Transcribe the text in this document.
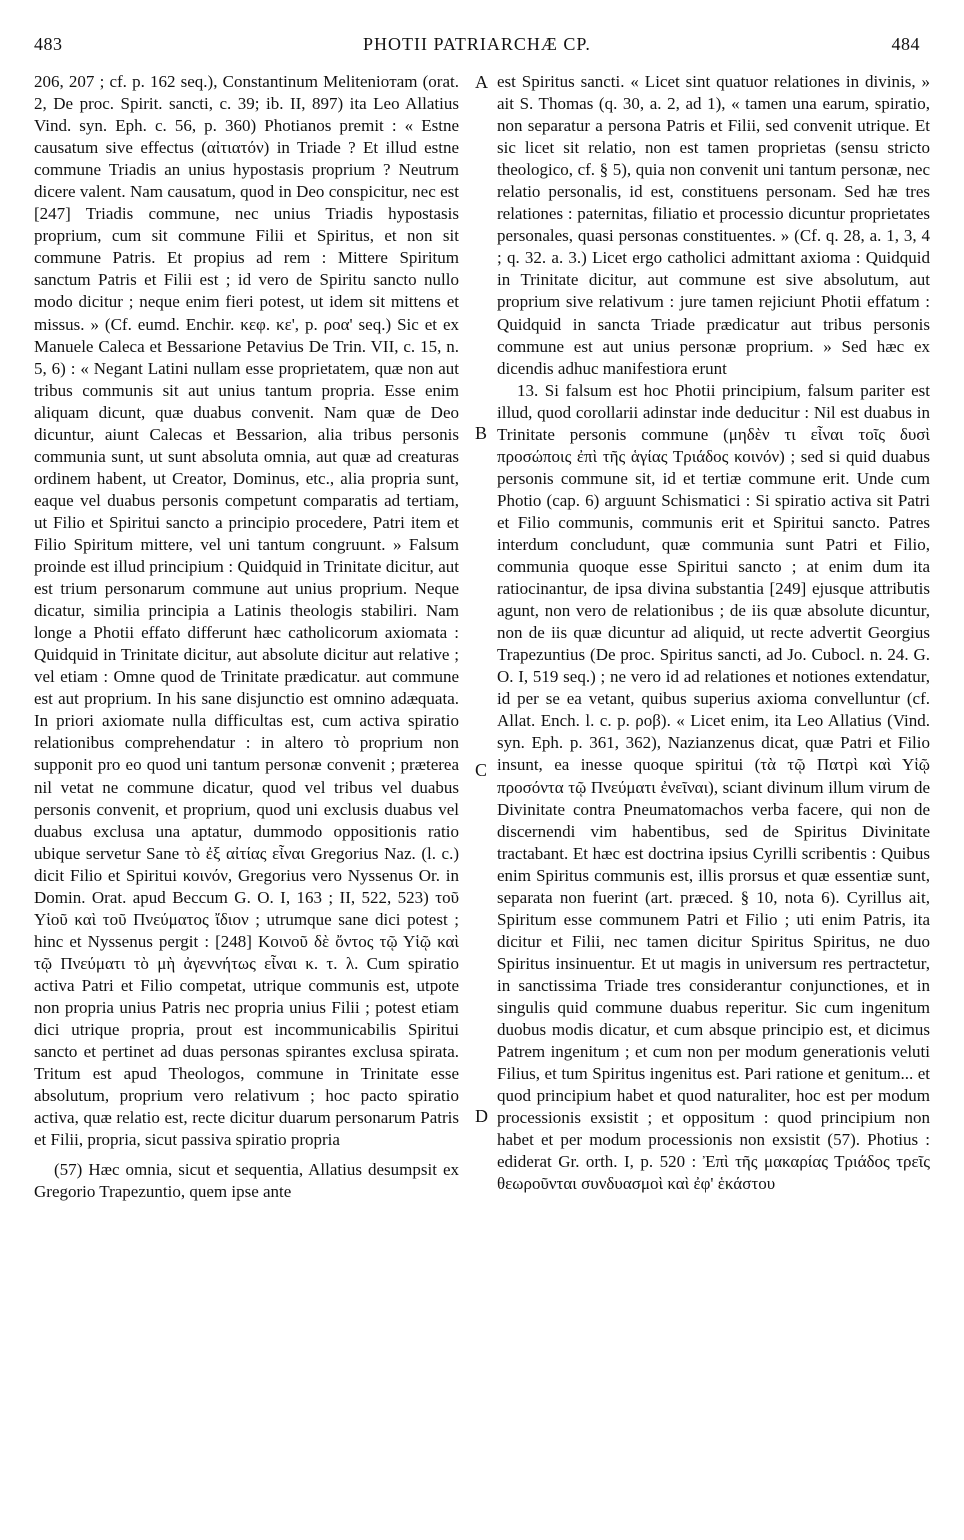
483	PHOTII PATRIARCHÆ CP.	484
A
B
C
D

206, 207 ; cf. p. 162 seq.), Constantinum Melitenioтam (orat. 2, De proc. Spirit. sancti, c. 39; ib. II, 897) ita Leo Allatius Vind. syn. Eph. c. 56, p. 360) Photianos premit : « Estne causatum sive effectus (αἰτιατόν) in Triade ? Et illud estne commune Triadis an unius hypostasis proprium ? Neutrum dicere valent. Nam causatum, quod in Deo conspicitur, nec est [247] Triadis commune, nec unius Triadis hypostasis proprium, cum sit commune Filii et Spiritus, et non sit commune Patris. Et propius ad rem : Mittere Spiritum sanctum Patris et Filii est ; id vero de Spiritu sancto nullo modo dicitur ; neque enim fieri potest, ut idem sit mittens et missus. » (Cf. eumd. Enchir. κεφ. κε', p. ροα' seq.) Sic et ex Manuele Caleca et Bessarione Petavius De Trin. VII, c. 15, n. 5, 6) : « Negant Latini nullam esse proprietatem, quæ non aut tribus communis sit aut unius tantum propria. Esse enim aliquam dicunt, quæ duabus convenit. Nam quæ de Deo dicuntur, aiunt Calecas et Bessarion, alia tribus personis communia sunt, ut sunt absoluta omnia, aut quæ ad creaturas ordinem habent, ut Creator, Dominus, etc., alia propria sunt, eaque vel duabus personis competunt comparatis ad tertiam, ut Filio et Spiritui sancto a principio procedere, Patri item et Filio Spiritum mittere, vel uni tantum congruunt. » Falsum proinde est illud principium : Quidquid in Trinitate dicitur, aut est trium personarum commune aut unius proprium. Neque dicatur, similia principia a Latinis theologis stabiliri. Nam longe a Photii effato differunt hæc catholicorum axiomata : Quidquid in Trinitate dicitur, aut absolute dicitur aut relative ; vel etiam : Omne quod de Trinitate prædicatur. aut commune est aut proprium. In his sane disjunctio est omnino adæquata. In priori axiomate nulla difficultas est, cum activa spiratio relationibus comprehendatur : in altero τὸ proprium non supponit pro eo quod uni tantum personæ convenit ; præterea nil vetat ne commune dicatur, quod vel tribus vel duabus personis convenit, et proprium, quod uni exclusis duabus vel duabus exclusa una aptatur, dummodo oppositionis ratio ubique servetur Sane τὸ ἐξ αἰτίας εἶναι Gregorius Naz. (l. c.) dicit Filio et Spiritui κοινόν, Gregorius vero Nyssenus Or. in Domin. Orat. apud Beccum G. O. I, 163 ; II, 522, 523) τοῦ Υἱοῦ καὶ τοῦ Πνεύματος ἴδιον ; utrumque sane dici potest ; hinc et Nyssenus pergit : [248] Κοινοῦ δὲ ὄντος τῷ Υἱῷ καὶ τῷ Πνεύματι τὸ μὴ ἀγεννήτως εἶναι κ. τ. λ. Cum spiratio activa Patri et Filio competat, utrique communis est, utpote non propria unius Patris nec propria unius Filii ; potest etiam dici utrique propria, prout est incommunicabilis Spiritui sancto et pertinet ad duas personas spirantes exclusa spirata. Tritum est apud Theologos, commune in Trinitate esse absolutum, proprium vero relativum ; hoc pacto spiratio activa, quæ relatio est, recte dicitur duarum personarum Patris et Filii, propria, sicut passiva spiratio propria

(57) Hæc omnia, sicut et sequentia, Allatius desumpsit ex Gregorio Trapezuntio, quem ipse ante

est Spiritus sancti. « Licet sint quatuor relationes in divinis, » ait S. Thomas (q. 30, a. 2, ad 1), « tamen una earum, spiratio, non separatur a persona Patris et Filii, sed convenit utrique. Et sic licet sit relatio, non est tamen proprietas (sensu stricto theologico, cf. § 5), quia non convenit uni tantum personæ, nec relatio personalis, id est, constituens personam. Sed hæ tres relationes : paternitas, filiatio et processio dicuntur proprietates personales, quasi personas constituentes. » (Cf. q. 28, a. 1, 3, 4 ; q. 32. a. 3.) Licet ergo catholici admittant axioma : Quidquid in Trinitate dicitur, aut commune est sive absolutum, aut proprium sive relativum : jure tamen rejiciunt Photii effatum : Quidquid in sancta Triade prædicatur aut tribus personis commune est aut unius personæ proprium. » Sed hæc ex dicendis adhuc manifestiora erunt

13. Si falsum est hoc Photii principium, falsum pariter est illud, quod corollarii adinstar inde deducitur : Nil est duabus in Trinitate personis commune (μηδὲν τι εἶναι τοῖς δυσὶ προσώποις ἐπὶ τῆς ἁγίας Τριάδος κοινόν) ; sed si quid duabus personis commune sit, id et tertiæ commune erit. Unde cum Photio (cap. 6) arguunt Schismatici : Si spiratio activa sit Patri et Filio communis, communis erit et Spiritui sancto. Patres interdum concludunt, quæ communia sunt Patri et Filio, communia quoque esse Spiritui sancto ; at enim dum ita ratiocinantur, de ipsa divina substantia [249] ejusque attributis agunt, non vero de relationibus ; de iis quæ absolute dicuntur, non de iis quæ dicuntur ad aliquid, ut recte advertit Georgius Trapezuntius (De proc. Spiritus sancti, ad Jo. Cubocl. n. 24. G. O. I, 519 seq.) ; ne vero id ad relationes et notiones extendatur, id per se ea vetant, quibus superius axioma convelluntur (cf. Allat. Ench. l. c. p. ροβ). « Licet enim, ita Leo Allatius (Vind. syn. Eph. p. 361, 362), Nazianzenus dicat, quæ Patri et Filio insunt, ea inesse quoque spiritui (τὰ τῷ Πατρὶ καὶ Υἱῷ προσόντα τῷ Πνεύματι ἐνεῖναι), sciant divinum illum virum de Divinitate contra Pneumatomachos verba facere, qui non de discernendi vim habentibus, sed de Spiritus Divinitate tractabant. Et hæc est doctrina ipsius Cyrilli scribentis : Quibus enim Spiritus communis est, illis prorsus et quæ essentiæ sunt, separata non fuerint (art. præced. § 10, nota 6). Cyrillus ait, Spiritum esse communem Patri et Filio ; uti enim Patris, ita dicitur et Filii, nec tamen dicitur Spiritus Spiritus, ne duo Spiritus insinuentur. Et ut magis in universum res pertractetur, in sanctissima Triade tres considerantur conjunctiones, et in singulis quid commune duabus reperitur. Sic cum ingenitum duobus modis dicatur, et cum absque principio est, et dicimus Patrem ingenitum ; et cum non per modum generationis veluti Filius, et tum Spiritus ingenitus est. Pari ratione et genitum... et quod principium habet et quod naturaliter, hoc est per modum processionis exsistit ; et oppositum : quod principium non habet et per modum processionis non exsistit (57). Photius : ediderat Gr. orth. I, p. 520 : Ἐπὶ τῆς μακαρίας Τριάδος τρεῖς θεωροῦνται συνδυασμοὶ καὶ ἐφ' ἑκάστου
